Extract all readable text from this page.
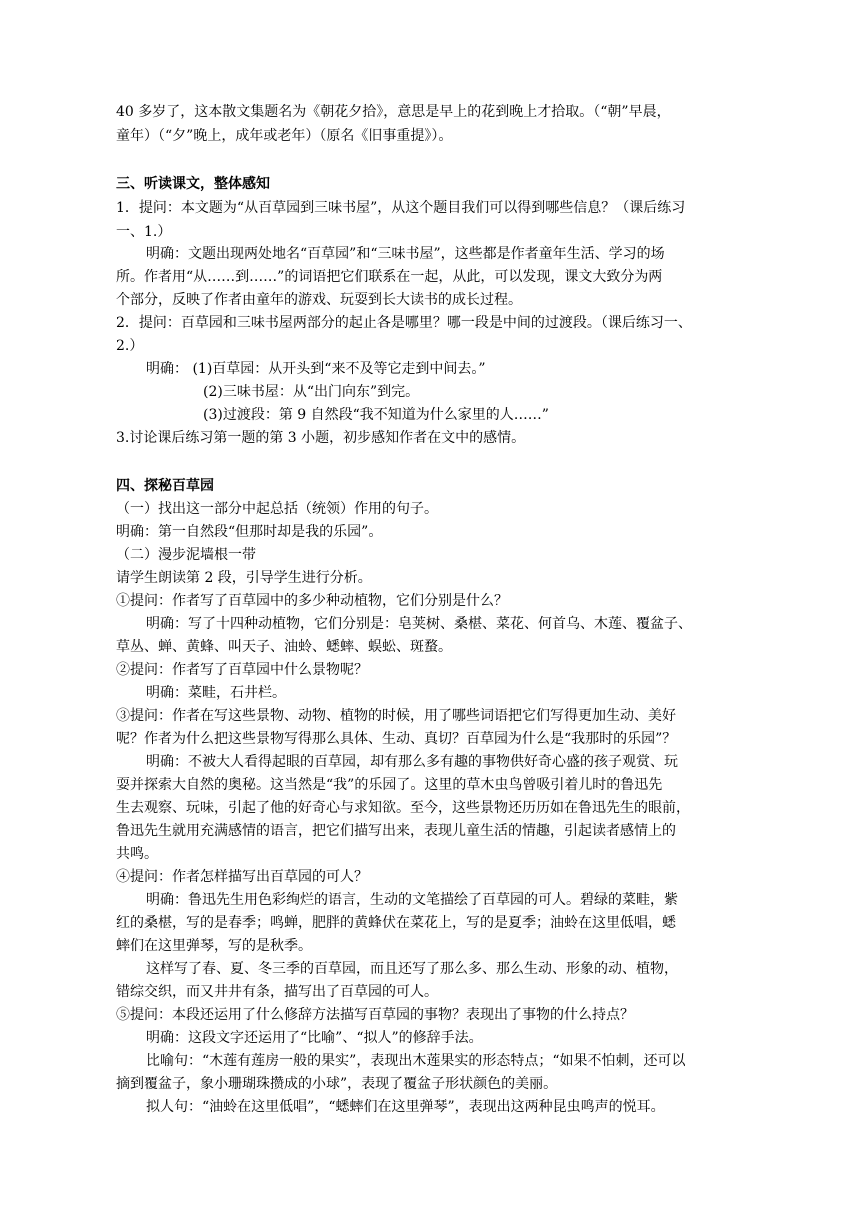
40 多岁了，这本散文集题名为《朝花夕拾》，意思是早上的花到晚上才拾取。（“朝”早晨，
童年）（“夕”晚上，成年或老年）（原名《旧事重提》）。
三、听读课文，整体感知
1．提问：本文题为“从百草园到三味书屋”，从这个题目我们可以得到哪些信息？（课后练习
一、1.）
明确：文题出现两处地名“百草园”和“三味书屋”，这些都是作者童年生活、学习的场
所。作者用“从……到……”的词语把它们联系在一起，从此，可以发现，课文大致分为两
个部分，反映了作者由童年的游戏、玩耍到长大读书的成长过程。
2．提问：百草园和三味书屋两部分的起止各是哪里？哪一段是中间的过渡段。（课后练习一、
2.）
明确： (1)百草园：从开头到“来不及等它走到中间去。”
(2)三味书屋：从“出门向东”到完。
(3)过渡段：第 9 自然段“我不知道为什么家里的人……”
3.讨论课后练习第一题的第 3 小题，初步感知作者在文中的感情。
四、探秘百草园
（一）找出这一部分中起总括（统领）作用的句子。
明确：第一自然段“但那时却是我的乐园”。
（二）漫步泥墙根一带
请学生朗读第 2 段，引导学生进行分析。
①提问：作者写了百草园中的多少种动植物，它们分别是什么？
明确：写了十四种动植物，它们分别是：皂荚树、桑椹、菜花、何首乌、木莲、覆盆子、
草丛、蝉、黄蜂、叫天子、油蛉、蟋蟀、蜈蚣、斑蝥。
②提问：作者写了百草园中什么景物呢？
明确：菜畦，石井栏。
③提问：作者在写这些景物、动物、植物的时候，用了哪些词语把它们写得更加生动、美好
呢？作者为什么把这些景物写得那么具体、生动、真切？百草园为什么是“我那时的乐园”？
明确：不被大人看得起眼的百草园，却有那么多有趣的事物供好奇心盛的孩子观赏、玩
耍并探索大自然的奥秘。这当然是“我”的乐园了。这里的草木虫鸟曾吸引着儿时的鲁迅先
生去观察、玩味，引起了他的好奇心与求知欲。至今，这些景物还历历如在鲁迅先生的眼前，
鲁迅先生就用充满感情的语言，把它们描写出来，表现儿童生活的情趣，引起读者感情上的
共鸣。
④提问：作者怎样描写出百草园的可人？
明确：鲁迅先生用色彩绚烂的语言，生动的文笔描绘了百草园的可人。碧绿的菜畦，紫
红的桑椹，写的是春季；鸣蝉，肥胖的黄蜂伏在菜花上，写的是夏季；油蛉在这里低唱，蟋
蟀们在这里弹琴，写的是秋季。
这样写了春、夏、冬三季的百草园，而且还写了那么多、那么生动、形象的动、植物，
错综交织，而又井井有条，描写出了百草园的可人。
⑤提问：本段还运用了什么修辞方法描写百草园的事物？表现出了事物的什么持点？
明确：这段文字还运用了“比喻”、“拟人”的修辞手法。
比喻句：“木莲有莲房一般的果实”，表现出木莲果实的形态特点；“如果不怕刺，还可以
摘到覆盆子，象小珊瑚珠攒成的小球”，表现了覆盆子形状颜色的美丽。
拟人句：“油蛉在这里低唱”，“蟋蟀们在这里弹琴”，表现出这两种昆虫鸣声的悦耳。
